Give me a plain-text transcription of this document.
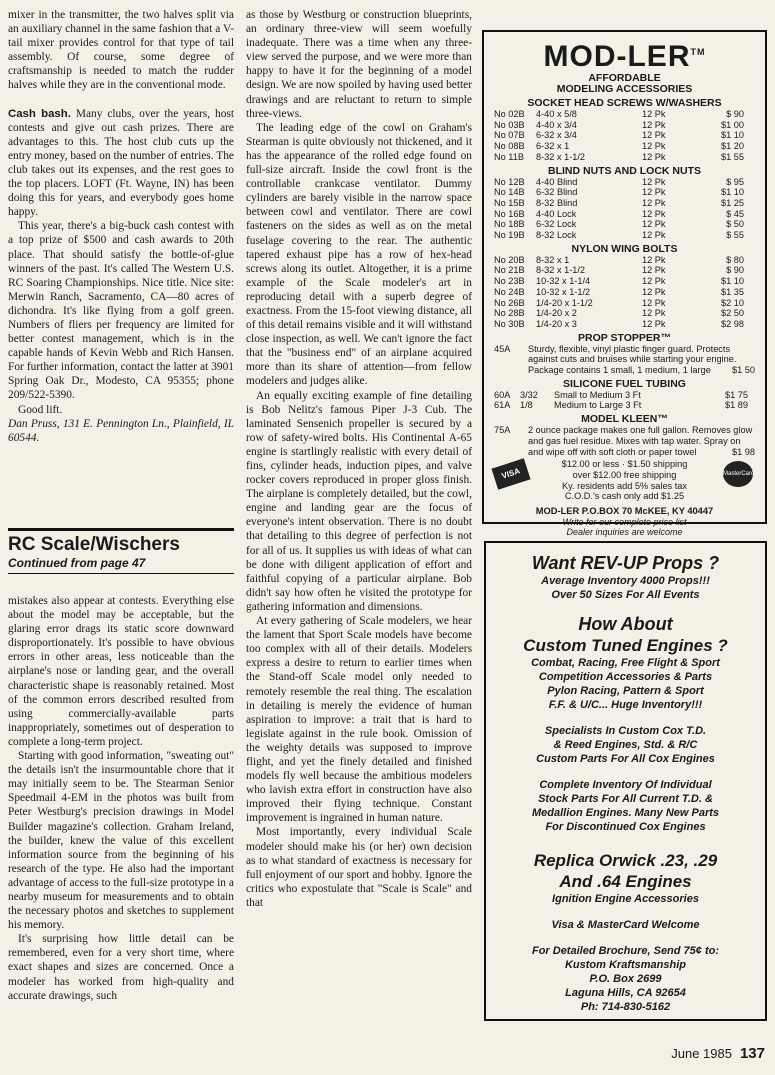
mixer in the transmitter, the two halves split via an auxiliary channel in the same fashion that a V-tail mixer provides control for that type of tail assembly. Of course, some degree of craftsmanship is needed to match the rudder halves while they are in the conventional mode.

Cash bash. Many clubs, over the years, host contests and give out cash prizes. There are advantages to this. The host club cuts up the entry money, based on the number of entries. The club takes out its expenses, and the rest goes to the top placers. LOFT (Ft. Wayne, IN) has been doing this for years, and everybody goes home happy.

This year, there's a big-buck cash contest with a top prize of $500 and cash awards to 20th place. That should satisfy the bottle-of-glue winners of the past. It's called The Western U.S. RC Soaring Championships. Nice title. Nice site: Merwin Ranch, Sacramento, CA—80 acres of dichondra. It's like flying from a golf green. Numbers of fliers per frequency are limited for better contest management, which is in the capable hands of Kevin Webb and Rich Hansen. For further information, contact the latter at 3901 Spring Oak Dr., Modesto, CA 95355; phone 209/522-5390.

Good lift.

Dan Pruss, 131 E. Pennington Ln., Plainfield, IL 60544.

RC Scale/Wischers
Continued from page 47

mistakes also appear at contests. Everything else about the model may be acceptable, but the glaring error drags its static score downward disproportionately. It's possible to have obvious errors in other areas, less noticeable than the airplane's nose or landing gear, and the overall characteristic shape is reasonably retained. Most of the common errors described resulted from using commercially-available parts inappropriately, sometimes out of desperation to complete a long-term project.

Starting with good information, "sweating out" the details isn't the insurmountable chore that it may initially seem to be. The Stearman Senior Speedmail 4-EM in the photos was built from Peter Westburg's precision drawings in Model Builder magazine's collection. Graham Ireland, the builder, knew the value of this excellent information source from the beginning of his research of the type. He also had the important advantage of access to the full-size prototype in a nearby museum for measurements and to obtain the necessary photos and sketches to supplement his memory.

It's surprising how little detail can be remembered, even for a very short time, where exact shapes and sizes are concerned. Once a modeler has worked from high-quality and accurate drawings, such

as those by Westburg or construction blueprints, an ordinary three-view will seem woefully inadequate. There was a time when any three-view served the purpose, and we were more than happy to have it for the beginning of a model design. We are now spoiled by having used better drawings and are reluctant to return to simple three-views.

The leading edge of the cowl on Graham's Stearman is quite obviously not thickened, and it has the appearance of the rolled edge found on full-size aircraft. Inside the cowl front is the controllable crankcase ventilator. Dummy cylinders are barely visible in the narrow space between cowl and ventilator. There are cowl fasteners on the sides as well as on the metal fuselage covering to the rear. The authentic tapered exhaust pipe has a row of hex-head screws along its outlet. Altogether, it is a prime example of the Scale modeler's art in reproducing detail with a superb degree of exactness. From the 15-foot viewing distance, all of this detail remains visible and it will withstand close inspection, as well. We can't ignore the fact that the "business end" of an airplane acquired more than its share of attention—from fellow modelers and judges alike.

An equally exciting example of fine detailing is Bob Nelitz's famous Piper J-3 Cub. The laminated Sensenich propeller is secured by a row of safety-wired bolts. His Continental A-65 engine is startlingly realistic with every detail of fins, cylinder heads, induction pipes, and valve rocker covers reproduced in proper gloss finish. The airplane is completely detailed, but the cowl, engine and landing gear are the focus of everyone's intent observation. There is no doubt that detailing to this degree of perfection is not for all of us. It supplies us with ideas of what can be done with diligent application of effort and faithful copying of a particular airplane. Bob didn't say how often he visited the prototype for gathering information and dimensions.

At every gathering of Scale modelers, we hear the lament that Sport Scale models have become too complex with all of their details. Modelers express a desire to return to earlier times when the Stand-off Scale model only needed to remotely resemble the real thing. The escalation in detailing is merely the evidence of human aspiration to improve: a trait that is hard to legislate against in the rule book. Omission of the weighty details was supposed to improve flight, and yet the finely detailed and finished models fly well because the ambitious modelers who lavish extra effort in construction have also improved their flying technique. Constant improvement is ingrained in human nature.

Most importantly, every individual Scale modeler should make his (or her) own decision as to what standard of exactness is necessary for full enjoyment of our sport and hobby. Ignore the critics who expostulate that "Scale is Scale" and that

MOD-LER™
AFFORDABLE
MODELING ACCESSORIES
SOCKET HEAD SCREWS W/WASHERS
No 02B	4-40 x 5/8	12 Pk	$ 90
No 03B	4-40 x 3/4	12 Pk	$1 00
No 07B	6-32 x 3/4	12 Pk	$1 10
No 08B	6-32 x 1	12 Pk	$1 20
No 11B	8-32 x 1-1/2	12 Pk	$1 55
BLIND NUTS AND LOCK NUTS
No 12B	4-40 Blind	12 Pk	$ 95
No 14B	6-32 Blind	12 Pk	$1 10
No 15B	8-32 Blind	12 Pk	$1 25
No 16B	4-40 Lock	12 Pk	$ 45
No 18B	6-32 Lock	12 Pk	$ 50
No 19B	8-32 Lock	12 Pk	$ 55
NYLON WING BOLTS
No 20B	8-32 x 1	12 Pk	$ 80
No 21B	8-32 x 1-1/2	12 Pk	$ 90
No 23B	10-32 x 1-1/4	12 Pk	$1 10
No 24B	10-32 x 1-1/2	12 Pk	$1 35
No 26B	1/4-20 x 1-1/2	12 Pk	$2 10
No 28B	1/4-20 x 2	12 Pk	$2 50
No 30B	1/4-20 x 3	12 Pk	$2 98
PROP STOPPER™
45A	Sturdy, flexible, vinyl plastic finger guard. Protects against cuts and bruises while starting your engine. Package contains 1 small, 1 medium, 1 large $1 50
SILICONE FUEL TUBING
60A	3/32	Small to Medium 3 Ft	$1 75
61A	1/8	Medium to Large 3 Ft	$1 89
MODEL KLEEN™
75A	2 ounce package makes one full gallon. Removes glow and gas fuel residue. Mixes with tap water. Spray on and wipe off with soft cloth or paper towel	$1 98
VISA	MasterCard
$12.00 or less · $1.50 shipping
over $12.00 free shipping
Ky. residents add 5% sales tax
C.O.D.'s cash only add $1.25
MOD-LER P.O.BOX 70 McKEE, KY 40447
Write for our complete price list
Dealer inquiries are welcome
Want REV-UP Props ?
Average Inventory 4000 Props!!!
Over 50 Sizes For All Events
How About
Custom Tuned Engines ?
Combat, Racing, Free Flight & Sport
Competition Accessories & Parts
Pylon Racing, Pattern & Sport
F.F. & U/C... Huge Inventory!!!
Specialists In Custom Cox T.D.
& Reed Engines, Std. & R/C
Custom Parts For All Cox Engines
Complete Inventory Of Individual
Stock Parts For All Current T.D. &
Medallion Engines. Many New Parts
For Discontinued Cox Engines
Replica Orwick .23, .29
And .64 Engines
Ignition Engine Accessories
Visa & MasterCard Welcome
For Detailed Brochure, Send 75¢ to:
Kustom Kraftsmanship
P.O. Box 2699
Laguna Hills, CA 92654
Ph: 714-830-5162
June 1985 137
